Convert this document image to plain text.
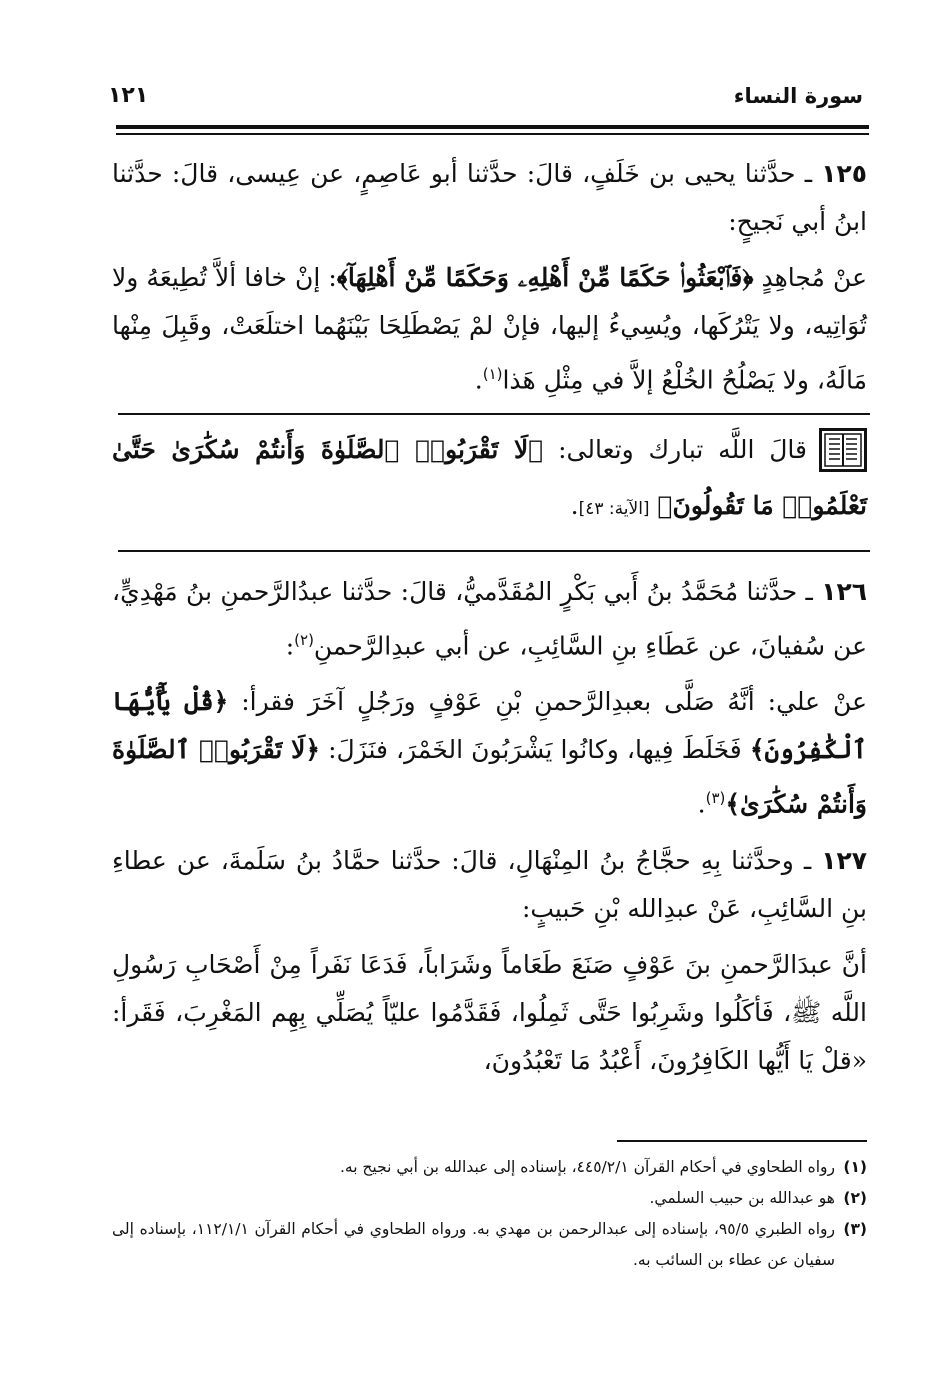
سورة النساء
١٢١

١٢٥ ـ حدَّثنا يحيى بن خَلَفٍ، قالَ: حدَّثنا أبو عَاصِمٍ، عن عِيسى، قالَ: حدَّثنا ابنُ أبي نَجيحٍ:

عنْ مُجاهِدٍ ﴿فَٱبْعَثُوا۟ حَكَمًا مِّنْ أَهْلِهِۦ وَحَكَمًا مِّنْ أَهْلِهَآ﴾: إنْ خافا ألاَّ تُطِيعَهُ ولا تُوَاتِيه، ولا يَتْرُكَها، ويُسِيءُ إليها، فإنْ لمْ يَصْطَلِحَا بَيْنَهُما اختلَعَتْ، وقَبِلَ مِنْها مَالَهُ، ولا يَصْلُحُ الخُلْعُ إلاَّ في مِثْلِ هَذا$^{(١)}$.

قالَ اللَّه تبارك وتعالى: ﴿لَا تَقْرَبُوا۟ ٱلصَّلَوٰةَ وَأَنتُمْ سُكَٰرَىٰ حَتَّىٰ تَعْلَمُوا۟ مَا تَقُولُونَ﴾ [الآية: ٤٣].

١٢٦ ـ حدَّثنا مُحَمَّدُ بنُ أَبي بَكْرٍ المُقَدَّميُّ، قالَ: حدَّثنا عبدُالرَّحمنِ بنُ مَهْدِيٍّ، عن سُفيانَ، عن عَطَاءِ بنِ السَّائِبِ، عن أبي عبدِالرَّحمنِ$^{(٢)}$:

عنْ علي: أنَّهُ صَلَّى بعبدِالرَّحمنِ بْنِ عَوْفٍ ورَجُلٍ آخَرَ فقرأ: ﴿قُلْ يَٰٓأَيُّهَا ٱلْكَٰفِرُونَ﴾ فَخَلَطَ فِيها، وكانُوا يَشْرَبُونَ الخَمْرَ، فنَزَلَ: ﴿لَا تَقْرَبُوا۟ ٱلصَّلَوٰةَ وَأَنتُمْ سُكَٰرَىٰ﴾$^{(٣)}$.

١٢٧ ـ وحدَّثنا بِهِ حجَّاجُ بنُ المِنْهَالِ، قالَ: حدَّثنا حمَّادُ بنُ سَلَمةَ، عن عطاءِ بنِ السَّائِبِ، عَنْ عبدِالله بْنِ حَبيبٍ:

أنَّ عبدَالرَّحمنِ بنَ عَوْفٍ صَنَعَ طَعَاماً وشَرَاباً، فَدَعَا نَفَراً مِنْ أَصْحَابِ رَسُولِ اللَّه ﷺ، فَأكَلُوا وشَرِبُوا حَتَّى ثَمِلُوا، فَقَدَّمُوا عليّاً يُصَلِّي بِهِم المَغْرِبَ، فَقَرأ: «قلْ يَا أَيُّها الكَافِرُونَ، أَعْبُدُ مَا تَعْبُدُونَ،

(١)
رواه الطحاوي في أحكام القرآن ٤٤٥/٢/١، بإسناده إلى عبدالله بن أبي نجيح به.
(٢)
هو عبدالله بن حبيب السلمي.
(٣)
رواه الطبري ٩٥/٥، بإسناده إلى عبدالرحمن بن مهدي به. ورواه الطحاوي في أحكام القرآن ١١٢/١/١، بإسناده إلى سفيان عن عطاء بن السائب به.
